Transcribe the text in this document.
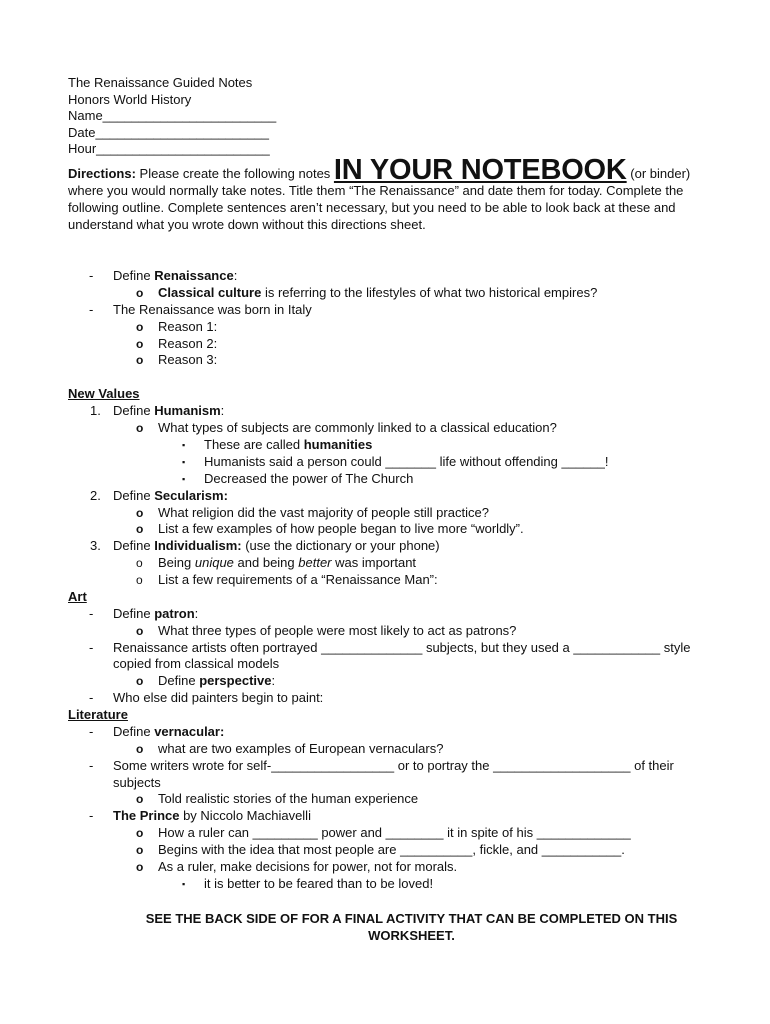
The Renaissance Guided Notes
Honors World History
Name________________________
Date________________________
Hour________________________
Directions: Please create the following notes IN YOUR NOTEBOOK (or binder) where you would normally take notes. Title them “The Renaissance” and date them for today. Complete the following outline. Complete sentences aren’t necessary, but you need to be able to look back at these and understand what you wrote down without this directions sheet.
- Define Renaissance:
o Classical culture is referring to the lifestyles of what two historical empires?
- The Renaissance was born in Italy
o Reason 1:
o Reason 2:
o Reason 3:
New Values
1. Define Humanism:
o What types of subjects are commonly linked to a classical education?
▪ These are called humanities
▪ Humanists said a person could _______ life without offending ______!
▪ Decreased the power of The Church
2. Define Secularism:
o What religion did the vast majority of people still practice?
o List a few examples of how people began to live more “worldly”.
3. Define Individualism: (use the dictionary or your phone)
o Being unique and being better was important
o List a few requirements of a “Renaissance Man”:
Art
- Define patron:
o What three types of people were most likely to act as patrons?
- Renaissance artists often portrayed ______________ subjects, but they used a ____________ style copied from classical models
o Define perspective:
- Who else did painters begin to paint:
Literature
- Define vernacular:
o what are two examples of European vernaculars?
- Some writers wrote for self-_________________ or to portray the ___________________ of their subjects
o Told realistic stories of the human experience
- The Prince by Niccolo Machiavelli
o How a ruler can _________ power and ________ it in spite of his _____________
o Begins with the idea that most people are __________, fickle, and ___________.
o As a ruler, make decisions for power, not for morals.
▪ it is better to be feared than to be loved!
SEE THE BACK SIDE OF FOR A FINAL ACTIVITY THAT CAN BE COMPLETED ON THIS WORKSHEET.
